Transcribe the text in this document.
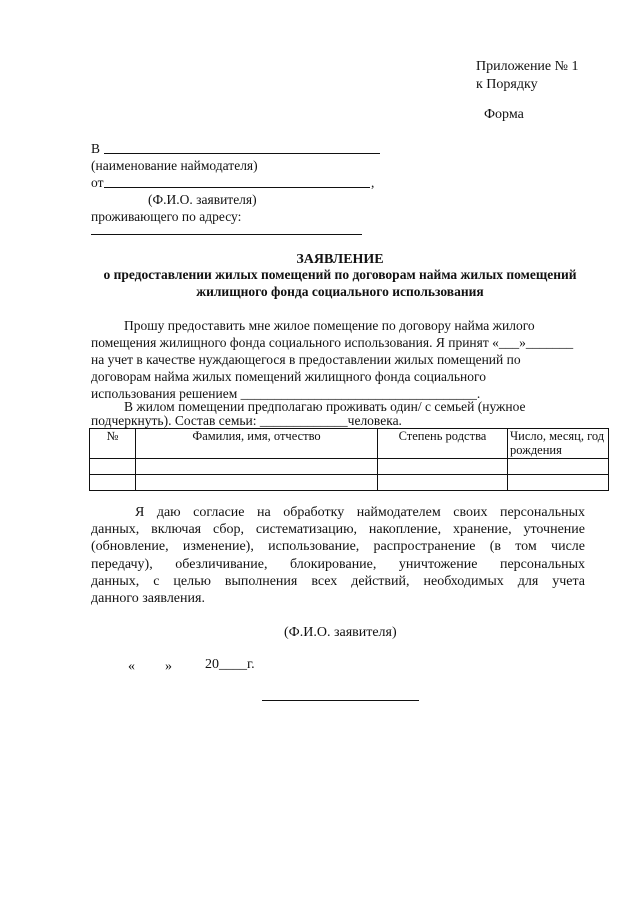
Приложение № 1
к Порядку
Форма
В
(наименование наймодателя)
от	,
(Ф.И.О. заявителя)
проживающего по адресу:
ЗАЯВЛЕНИЕ
о предоставлении жилых помещений по договорам найма жилых помещений
жилищного фонда социального использования
Прошу предоставить мне жилое помещение по договору найма жилого
помещения жилищного фонда социального использования. Я принят «___»_______
на учет в качестве нуждающегося в предоставлении жилых помещений по
договорам найма жилых помещений жилищного фонда социального
использования решением ___________________________________.
В жилом помещении предполагаю проживать один/ с семьей (нужное
подчеркнуть). Состав семьи: _____________человека.
№	Фамилия, имя, отчество	Степень родства	Число, месяц, год рождения

Я даю согласие на обработку наймодателем своих персональных
данных, включая сбор, систематизацию, накопление, хранение, уточнение
(обновление, изменение), использование, распространение (в том числе
передачу), обезличивание, блокирование, уничтожение персональных
данных, с целью выполнения всех действий, необходимых для учета
данного заявления.
(Ф.И.О. заявителя)
« » 20____г.
